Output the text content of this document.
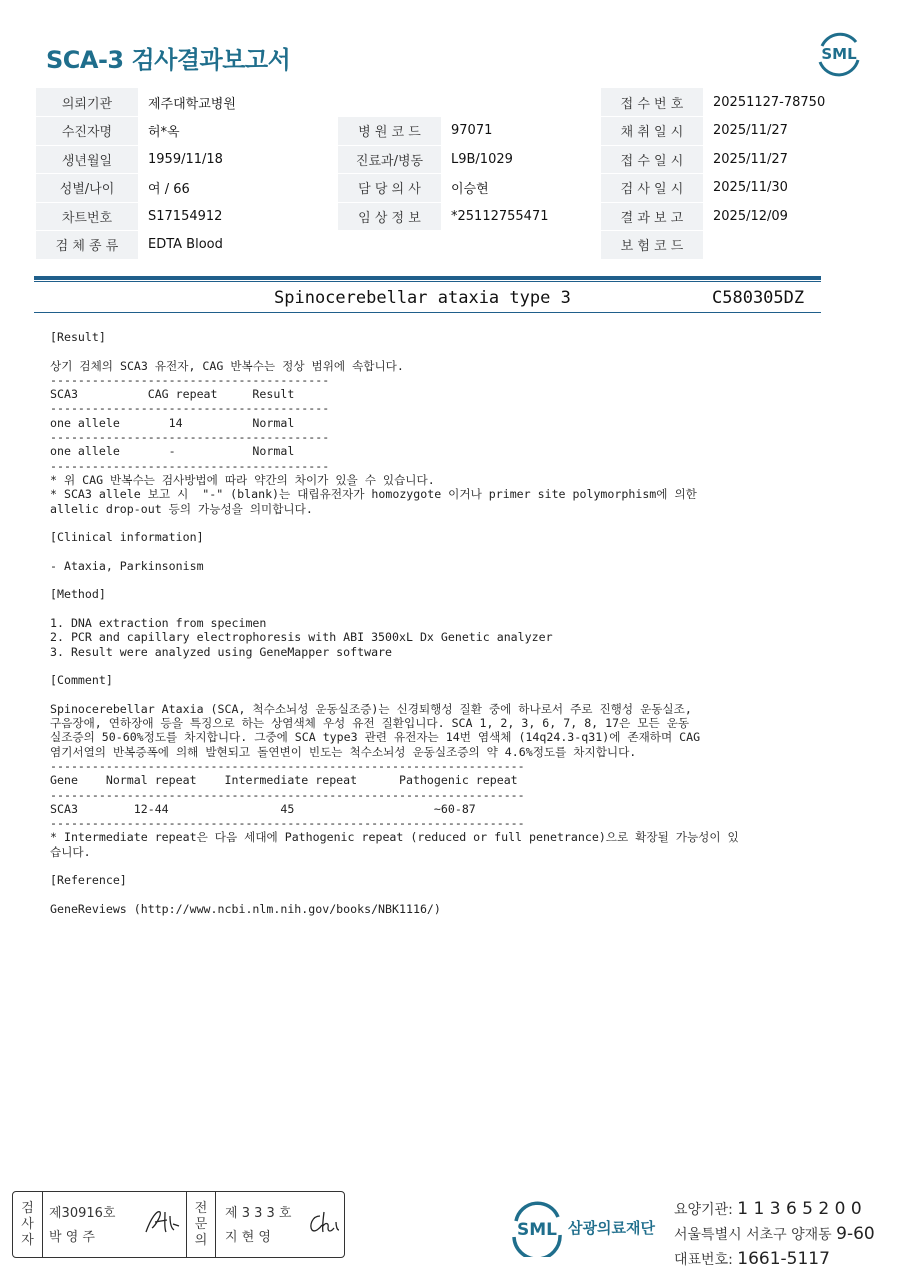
SCA-3 검사결과보고서	SML
의뢰기관	제주대학교병원			접 수 번 호	20251127-78750
수진자명	허*옥	병 원 코 드	97071	채 취 일 시	2025/11/27
생년월일	1959/11/18	진료과/병동	L9B/1029	접 수 일 시	2025/11/27
성별/나이	여 / 66	담 당 의 사	이승현	검 사 일 시	2025/11/30
차트번호	S17154912	임 상 정 보	*25112755471	결 과 보 고	2025/12/09
검 체 종 류	EDTA Blood			보 험 코 드	
Spinocerebellar ataxia type 3	C580305DZ
[Result]
상기 검체의 SCA3 유전자, CAG 반복수는 정상 범위에 속합니다.
----------------------------------------
SCA3          CAG repeat     Result
----------------------------------------
one allele       14          Normal
----------------------------------------
one allele       -           Normal
----------------------------------------
* 위 CAG 반복수는 검사방법에 따라 약간의 차이가 있을 수 있습니다.
* SCA3 allele 보고 시  "-" (blank)는 대립유전자가 homozygote 이거나 primer site polymorphism에 의한
allelic drop-out 등의 가능성을 의미합니다.
[Clinical information]
- Ataxia, Parkinsonism
[Method]
1. DNA extraction from specimen
2. PCR and capillary electrophoresis with ABI 3500xL Dx Genetic analyzer
3. Result were analyzed using GeneMapper software
[Comment]
Spinocerebellar Ataxia (SCA, 척수소뇌성 운동실조증)는 신경퇴행성 질환 중에 하나로서 주로 진행성 운동실조,
구음장애, 연하장애 등을 특징으로 하는 상염색체 우성 유전 질환입니다. SCA 1, 2, 3, 6, 7, 8, 17은 모든 운동
실조증의 50-60%정도를 차지합니다. 그중에 SCA type3 관련 유전자는 14번 염색체 (14q24.3-q31)에 존재하며 CAG
염기서열의 반복증폭에 의해 발현되고 돌연변이 빈도는 척수소뇌성 운동실조증의 약 4.6%정도를 차지합니다.
--------------------------------------------------------------------
Gene    Normal repeat    Intermediate repeat      Pathogenic repeat
--------------------------------------------------------------------
SCA3        12-44                45                    ~60-87
--------------------------------------------------------------------
* Intermediate repeat은 다음 세대에 Pathogenic repeat (reduced or full penetrance)으로 확장될 가능성이 있
습니다.
[Reference]
GeneReviews (http://www.ncbi.nlm.nih.gov/books/NBK1116/)
검
사
자
제30916호
박 영 주
전
문
의
제 3 3 3 호
지 현 영	SML 삼광의료재단
요양기관: 1 1 3 6 5 2 0 0
서울특별시 서초구 양재동 9-60
대표번호: 1661-5117
